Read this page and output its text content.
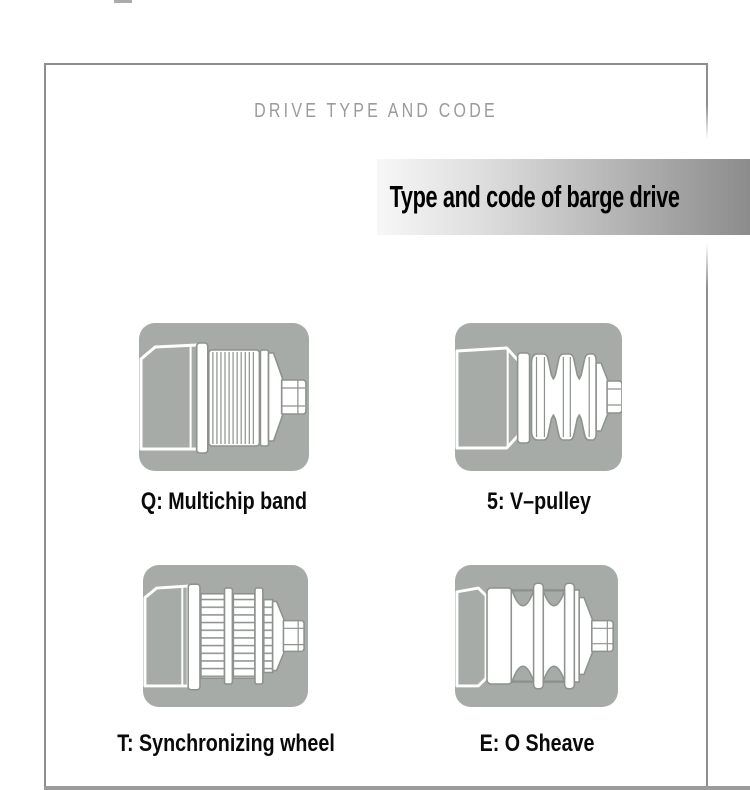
DRIVE TYPE AND CODE
Type and code of barge drive
Q: Multichip band	5: V–pulley
T: Synchronizing wheel	E: O Sheave
